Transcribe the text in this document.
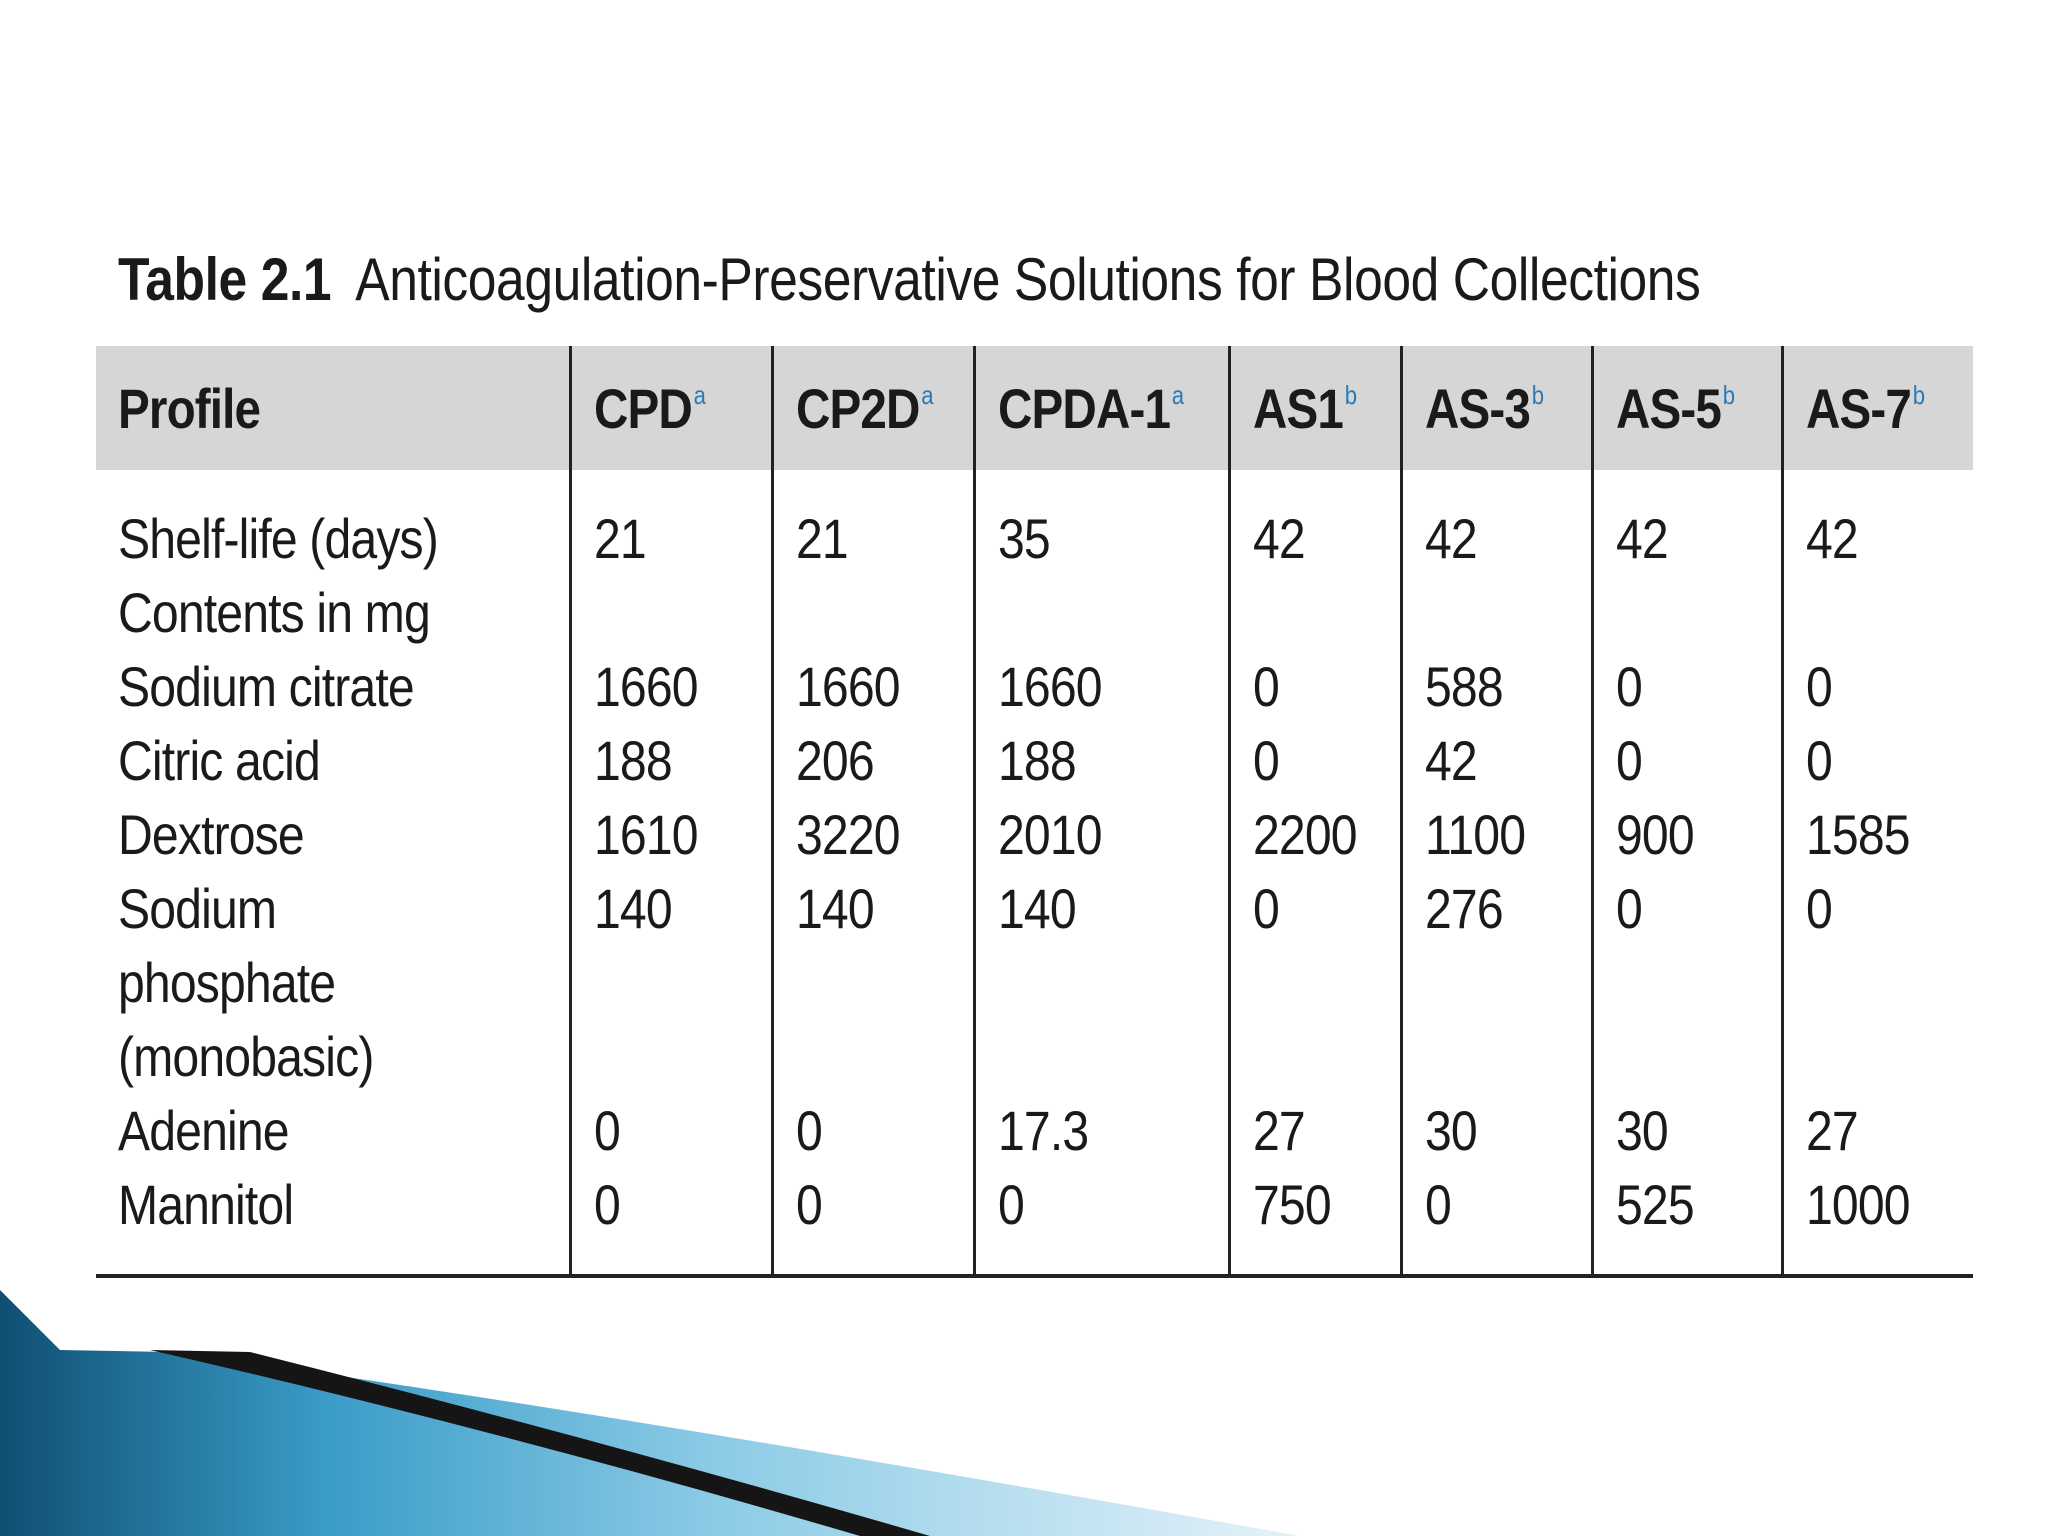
Table 2.1 Anticoagulation-Preservative Solutions for Blood Collections
Profile	CPD$^a$	$CP2D^a$	CPDA-1$^a$	AS1$^b$	AS-3$^b$	AS-5$^b$	AS-7$^b$
Shelf-life (days)	21	21	35	42	42	42	42
Contents in mg							
Sodium citrate	1660	1660	1660	0	588	0	0
Citric acid	188	206	188	0	42	0	0
Dextrose	1610	3220	2010	2200	1100	900	1585
Sodium phosphate (monobasic)	140	140	140	0	276	0	0
Adenine	0	0	17.3	27	30	30	27
Mannitol	0	0	0	750	0	525	1000
